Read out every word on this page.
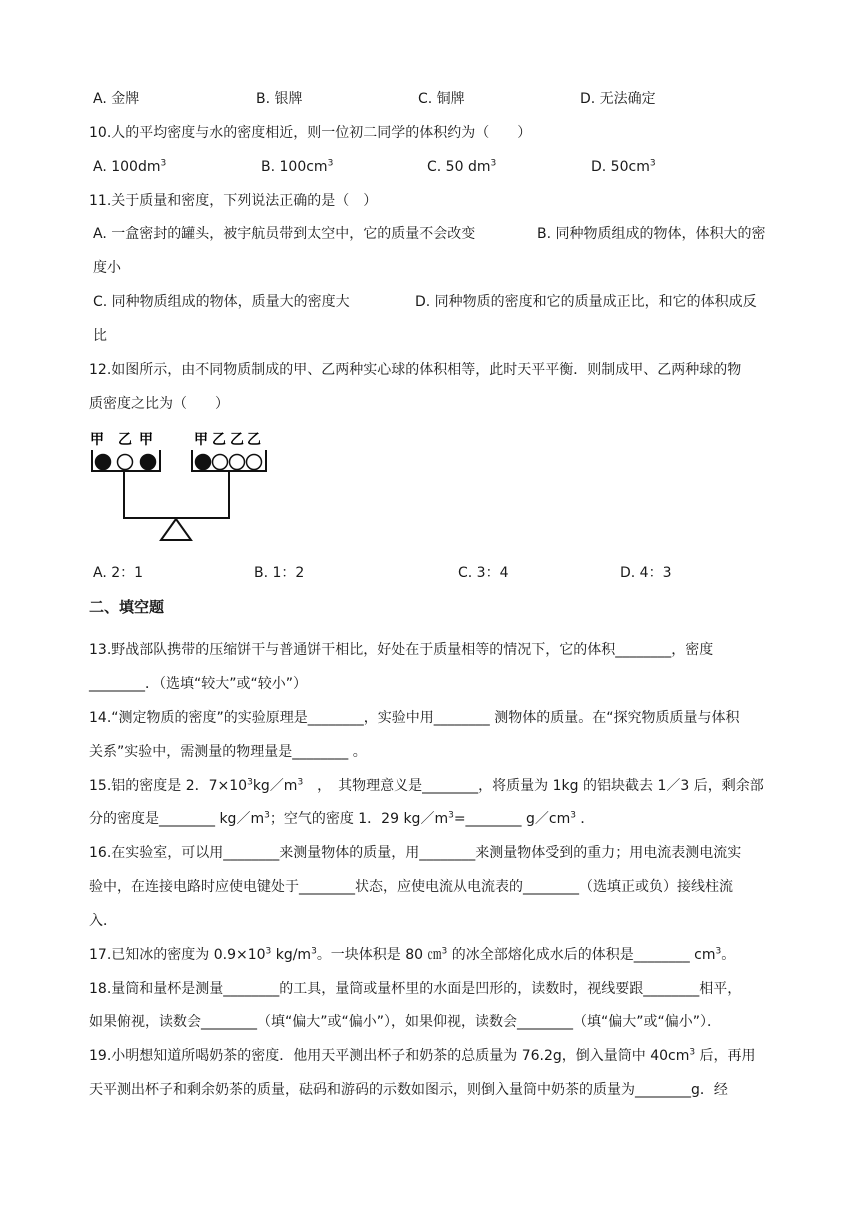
A. 金牌	B. 银牌	C. 铜牌	D. 无法确定
10.人的平均密度与水的密度相近，则一位初二同学的体积约为（　　）
A. $100dm^3$	B. $100cm^3$	C. 50 $dm^3$	D. $50cm^3$
11.关于质量和密度，下列说法正确的是（　）
A. 一盒密封的罐头，被宇航员带到太空中，它的质量不会改变	B. 同种物质组成的物体，体积大的密
度小
C. 同种物质组成的物体，质量大的密度大	D. 同种物质的密度和它的质量成正比，和它的体积成反
比
12.如图所示，由不同物质制成的甲、乙两种实心球的体积相等，此时天平平衡．则制成甲、乙两种球的物
质密度之比为（　　）
甲 乙 甲	甲 乙 乙 乙
A. 2：1	B. 1：2	C. 3：4	D. 4：3
二、填空题
13.野战部队携带的压缩饼干与普通饼干相比，好处在于质量相等的情况下，它的体积________，密度
________．（选填“较大”或“较小”）
14.“测定物质的密度”的实验原理是________，实验中用________ 测物体的质量。在“探究物质质量与体积
关系”实验中，需测量的物理量是________ 。
15.铝的密度是 2．$7\times 10^3kg/m^3$　，　其物理意义是________，将质量为 1kg 的铝块截去 1／3 后，剩余部
分的密度是________ $kg/m^3$；空气的密度 1．29 $kg/m^3=\_\_\_\_\_\_\_\_$ $g/cm^3$ ．
16.在实验室，可以用________来测量物体的质量，用________来测量物体受到的重力；用电流表测电流实
验中，在连接电路时应使电键处于________状态，应使电流从电流表的________（选填正或负）接线柱流
入．
17.已知冰的密度为 $0.9\times 10^3$ $kg/m^3$。一块体积是 80 ㎝$^3$ 的冰全部熔化成水后的体积是________ $cm^3$。
18.量筒和量杯是测量________的工具，量筒或量杯里的水面是凹形的，读数时，视线要跟________相平，
如果俯视，读数会________（填“偏大”或“偏小”），如果仰视，读数会________（填“偏大”或“偏小”）．
19.小明想知道所喝奶茶的密度．他用天平测出杯子和奶茶的总质量为 76.2g，倒入量筒中 $40cm^3$ 后，再用
天平测出杯子和剩余奶茶的质量，砝码和游码的示数如图示，则倒入量筒中奶茶的质量为________g．经
